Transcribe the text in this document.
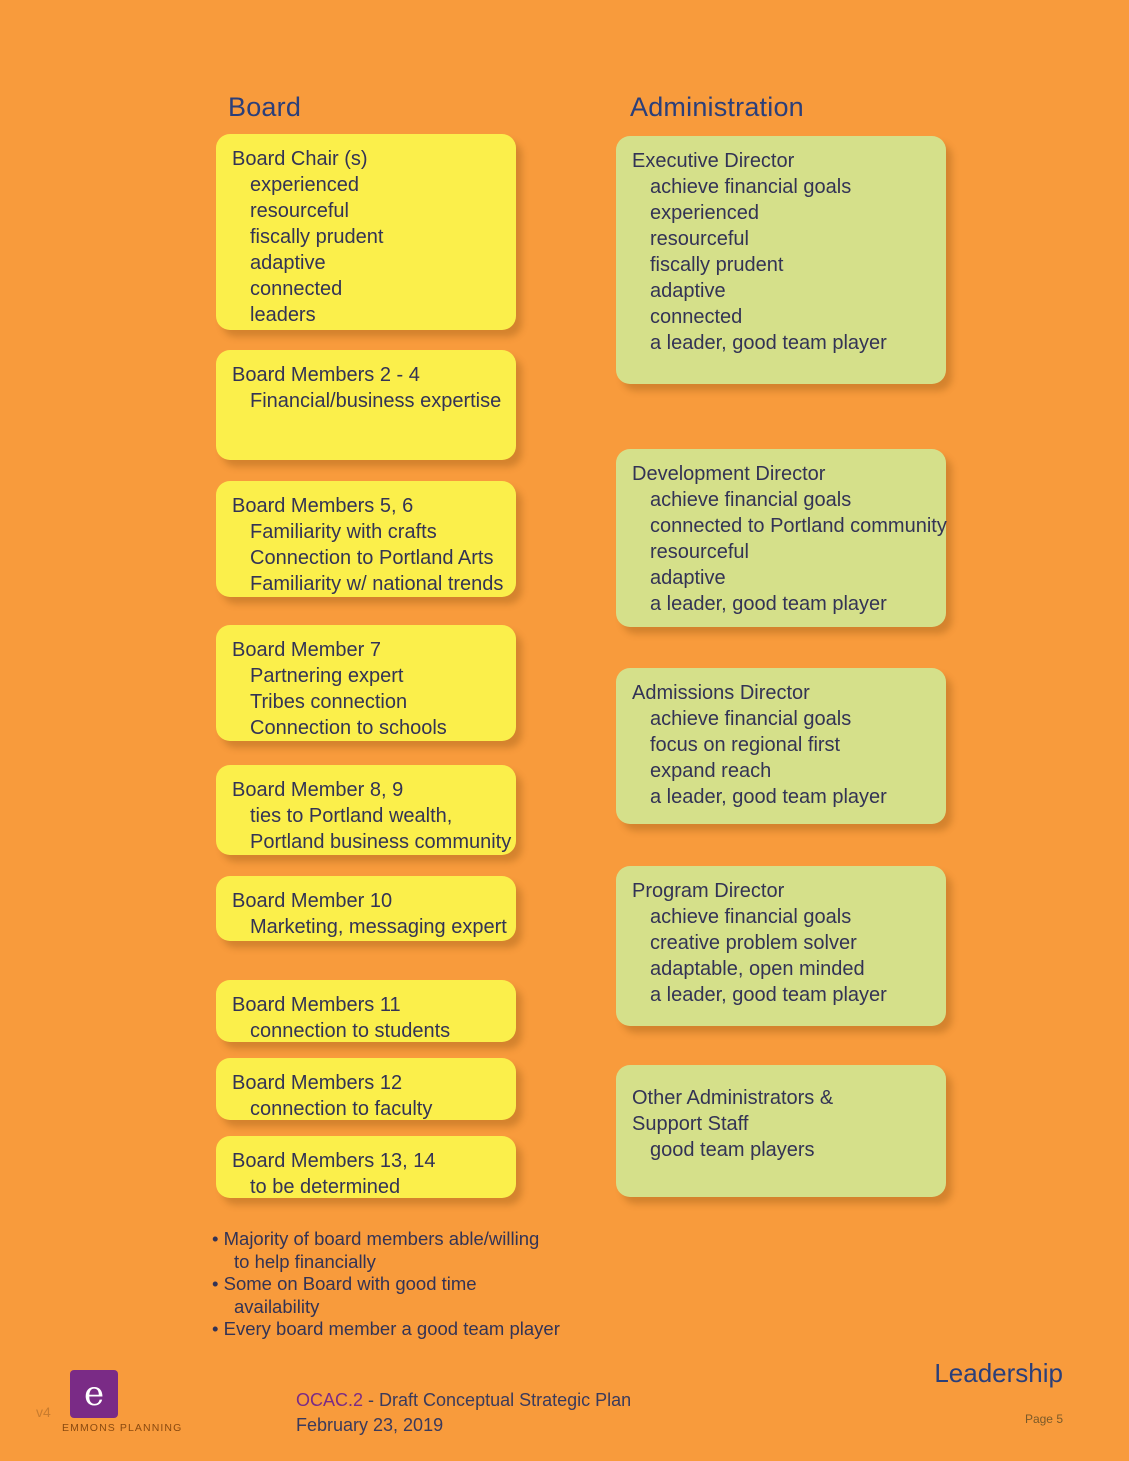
Board	Administration
Board Chair (s)
experienced
resourceful
fiscally prudent
adaptive
connected
leaders
Board Members 2 - 4
Financial/business expertise
Board Members 5, 6
Familiarity with crafts
Connection to Portland Arts
Familiarity w/ national trends
Board Member 7
Partnering expert
Tribes connection
Connection to schools
Board Member 8, 9
ties to Portland wealth,
Portland business community
Board Member 10
Marketing, messaging expert
Board Members 11
connection to students
Board Members 12
connection to faculty
Board Members 13, 14
to be determined
Executive Director
achieve financial goals
experienced
resourceful
fiscally prudent
adaptive
connected
a leader, good team player
Development Director
achieve financial goals
connected to Portland community
resourceful
adaptive
a leader, good team player
Admissions Director
achieve financial goals
focus on regional first
expand reach
a leader, good team player
Program Director
achieve financial goals
creative problem solver
adaptable, open minded
a leader, good team player
Other Administrators &
Support Staff
good team players
• Majority of board members able/willing
to help financially
• Some on Board with good time
availability
• Every board member a good team player
Leadership
e
EMMONS PLANNING
v4
OCAC.2 - Draft Conceptual Strategic Plan
February 23, 2019	Page 5
